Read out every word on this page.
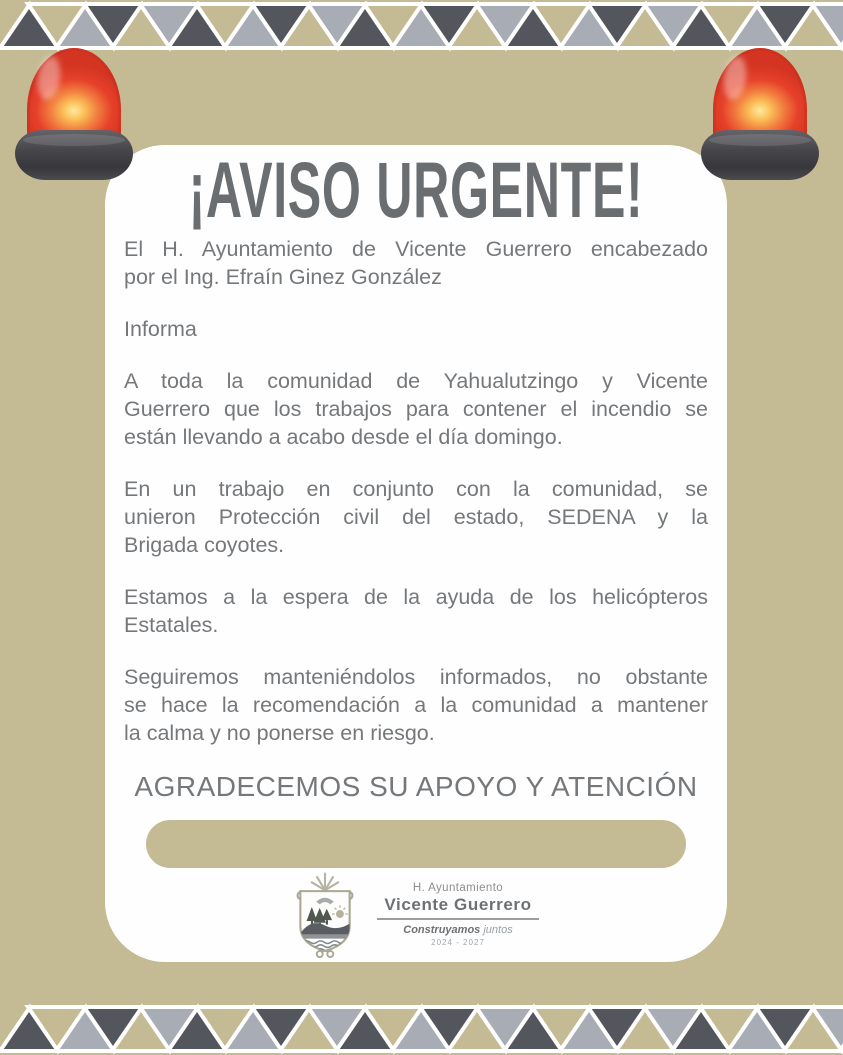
¡AVISO URGENTE!
El H. Ayuntamiento de Vicente Guerrero encabezado
por el Ing. Efraín Ginez González
Informa
A toda la comunidad de Yahualutzingo y Vicente
Guerrero que los trabajos para contener el incendio se
están llevando a acabo desde el día domingo.
En un trabajo en conjunto con la comunidad, se
unieron Protección civil del estado, SEDENA y la
Brigada coyotes.
Estamos a la espera de la ayuda de los helicópteros
Estatales.
Seguiremos manteniéndolos informados, no obstante
se hace la recomendación a la comunidad a mantener
la calma y no ponerse en riesgo.
AGRADECEMOS SU APOYO Y ATENCIÓN
H. Ayuntamiento
Vicente Guerrero
Construyamos juntos
2024 - 2027
